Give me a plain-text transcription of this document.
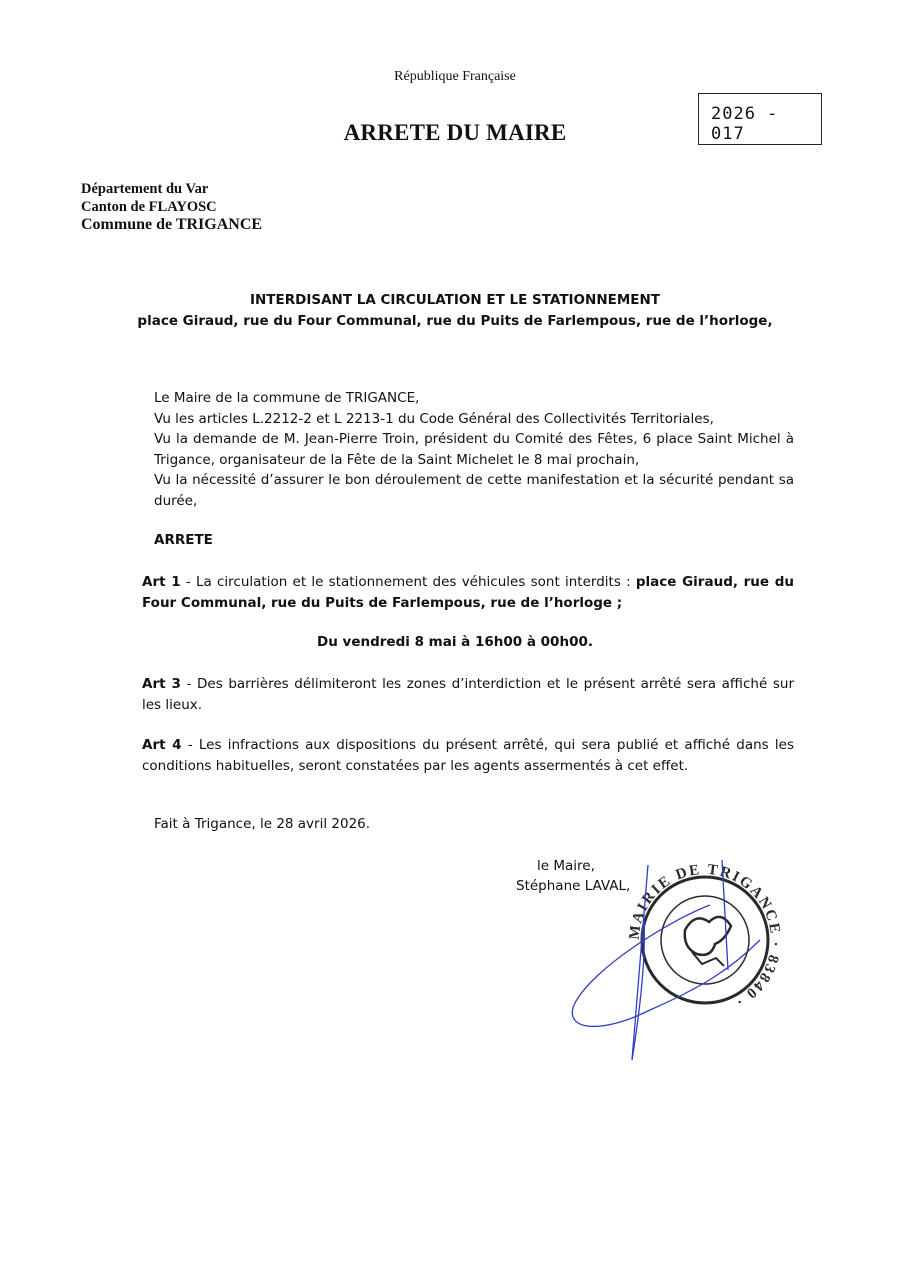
République Française
ARRETE DU MAIRE
2026 - 017
Département du Var
Canton de FLAYOSC
Commune de TRIGANCE
INTERDISANT LA CIRCULATION ET LE STATIONNEMENT
place Giraud, rue du Four Communal, rue du Puits de Farlempous, rue de l’horloge,
Le Maire de la commune de TRIGANCE,
Vu les articles L.2212-2 et L 2213-1 du Code Général des Collectivités Territoriales,
Vu la demande de M. Jean-Pierre Troin, président du Comité des Fêtes, 6 place Saint Michel à Trigance, organisateur de la Fête de la Saint Michelet le 8 mai prochain,
Vu la nécessité d’assurer le bon déroulement de cette manifestation et la sécurité pendant sa durée,
ARRETE
Art 1 - La circulation et le stationnement des véhicules sont interdits : place Giraud, rue du Four Communal, rue du Puits de Farlempous, rue de l’horloge ;
Du vendredi 8 mai à 16h00 à 00h00.
Art 3 - Des barrières délimiteront les zones d’interdiction et le présent arrêté sera affiché sur les lieux.
Art 4 - Les infractions aux dispositions du présent arrêté, qui sera publié et affiché dans les conditions habituelles, seront constatées par les agents assermentés à cet effet.
Fait à Trigance, le 28 avril 2026.
le Maire,
Stéphane LAVAL,
MAIRIE DE TRIGANCE · 83840 ·
